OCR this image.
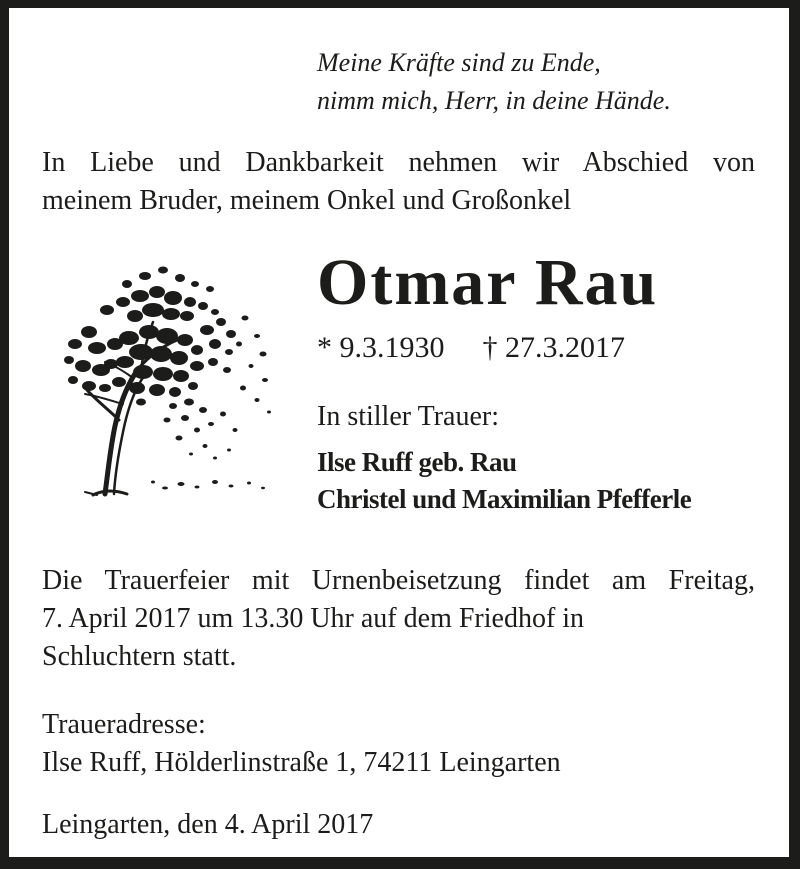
Meine Kräfte sind zu Ende,
nimm mich, Herr, in deine Hände.
In Liebe und Dankbarkeit nehmen wir Abschied von
meinem Bruder, meinem Onkel und Großonkel
Otmar Rau
* 9.3.1930 † 27.3.2017
In stiller Trauer:
Ilse Ruff geb. Rau
Christel und Maximilian Pfefferle
Die Trauerfeier mit Urnenbeisetzung findet am Freitag,
7. April 2017 um 13.30 Uhr auf dem Friedhof in
Schluchtern statt.
Traueradresse:
Ilse Ruff, Hölderlinstraße 1, 74211 Leingarten
Leingarten, den 4. April 2017
